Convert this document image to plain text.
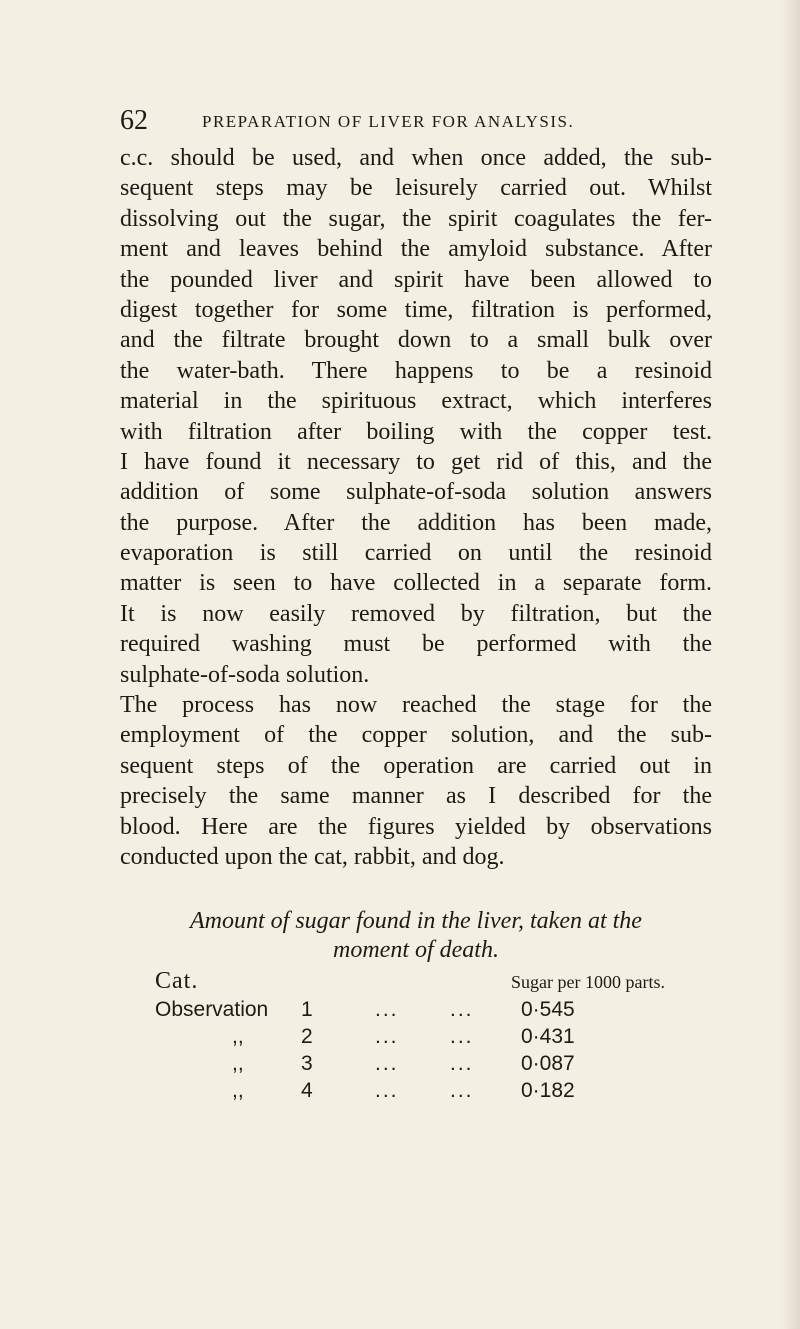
62	PREPARATION OF LIVER FOR ANALYSIS.
c.c. should be used, and when once added, the sub-
sequent steps may be leisurely carried out. Whilst
dissolving out the sugar, the spirit coagulates the fer-
ment and leaves behind the amyloid substance. After
the pounded liver and spirit have been allowed to
digest together for some time, filtration is performed,
and the filtrate brought down to a small bulk over
the water-bath. There happens to be a resinoid
material in the spirituous extract, which interferes
with filtration after boiling with the copper test.
I have found it necessary to get rid of this, and the
addition of some sulphate-of-soda solution answers
the purpose. After the addition has been made,
evaporation is still carried on until the resinoid
matter is seen to have collected in a separate form.
It is now easily removed by filtration, but the
required washing must be performed with the
sulphate-of-soda solution.
The process has now reached the stage for the
employment of the copper solution, and the sub-
sequent steps of the operation are carried out in
precisely the same manner as I described for the
blood. Here are the figures yielded by observations
conducted upon the cat, rabbit, and dog.
Amount of sugar found in the liver, taken at the
moment of death.
Cat.	Sugar per 1000 parts.
Observation 1	... ... 0·545
,,	2	... ... 0·431
,,	3	... ... 0·087
,,	4	... ... 0·182
